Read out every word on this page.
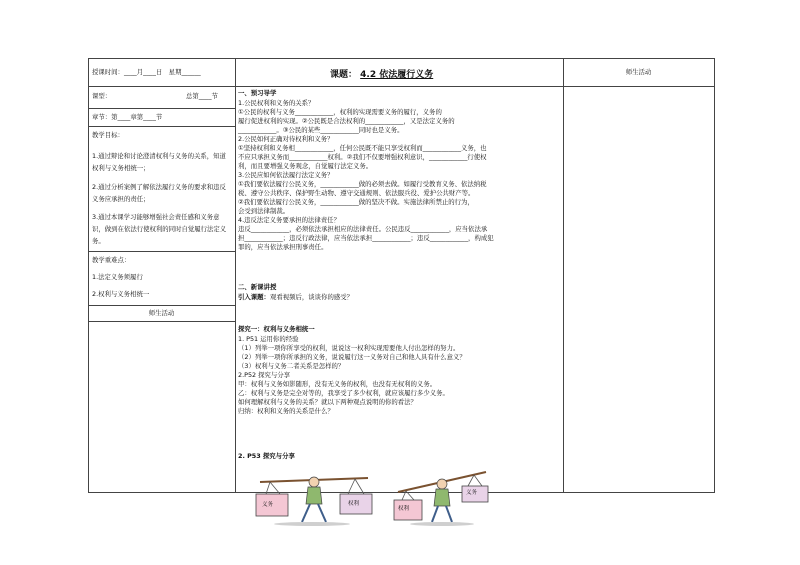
授课时间：____月____日　星期______
课型：	总第____节
章节：第____章第____节
教学目标：
1.通过辩论和讨论澄清权利与义务的关系，知道权利与义务相统一；
2.通过分析案例了解依法履行义务的要求和违反义务应承担的责任；
3.通过本课学习能够增强社会责任感和义务意识，做到在依法行使权利的同时自觉履行法定义务。
教学重难点：
1.法定义务须履行
2.权利与义务相统一
师生活动
课题： 4.2 依法履行义务
一、预习导学
1.公民权利和义务的关系？
①公民的权利与义务____________，权利的实现需要义务的履行，义务的
履行促进权利的实现。②公民既是合法权利的____________，又是法定义务的
____________。③公民的某些____________同时也是义务。
2.公民如何正确对待权利和义务？
①坚持权利和义务相____________，任何公民既不能只享受权利而____________义务，也
不应只承担义务而____________权利。②我们不仅要增强权利意识，____________行使权
利，而且要增强义务观念，自觉履行法定义务。
3.公民应如何依法履行法定义务？
①我们要依法履行公民义务，____________做的必须去做。如履行受教育义务、依法纳税
税、遵守公共秩序、保护野生动物、遵守交通规则、依法服兵役、爱护公共财产等。
②我们要依法履行公民义务，____________做的坚决不做。实施法律所禁止的行为，
会受到法律制裁。
4.违反法定义务要承担的法律责任？
违反____________，必须依法承担相应的法律责任。公民违反____________，应当依法承
担____________；违反行政法律，应当依法承担____________；违反____________，构成犯
罪的，应当依法承担刑事责任。
二、新课讲授
引入课题：观看视频后，谈谈你的感受？
探究一：权利与义务相统一
1. P51 运用你的经验
（1）列举一项你所享受的权利，说说这一权利实现需要他人付出怎样的努力。
（2）列举一项你所承担的义务，说说履行这一义务对自己和他人具有什么意义？
（3）权利与义务二者关系是怎样的？
2.P52 探究与分享
甲：权利与义务如影随形，没有无义务的权利，也没有无权利的义务。
乙：权利与义务是完全对等的，我享受了多少权利，就应该履行多少义务。
如何理解权利与义务的关系？就以下两种观点说明的你的看法？
归纳：权利和义务的关系是什么？
2. P53 探究与分享
师生活动
义务	权利
权利
义务
